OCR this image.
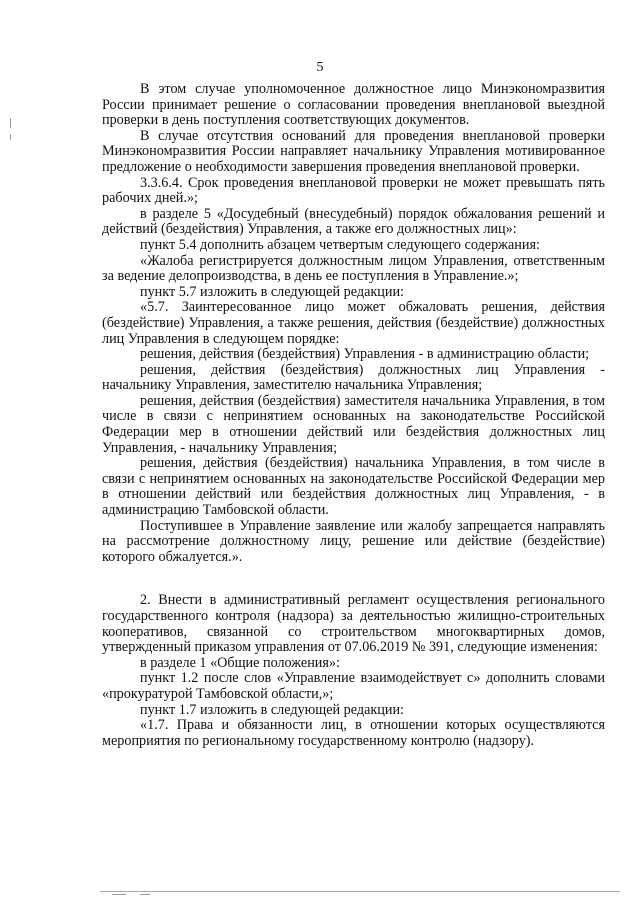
5

В этом случае уполномоченное должностное лицо Минэкономразвития России принимает решение о согласовании проведения внеплановой выездной проверки в день поступления соответствующих документов.

В случае отсутствия оснований для проведения внеплановой проверки Минэкономразвития России направляет начальнику Управления мотивированное предложение о необходимости завершения проведения внеплановой проверки.

3.3.6.4. Срок проведения внеплановой проверки не может превышать пять рабочих дней.»;

в разделе 5 «Досудебный (внесудебный) порядок обжалования решений и действий (бездействия) Управления, а также его должностных лиц»:

пункт 5.4 дополнить абзацем четвертым следующего содержания:

«Жалоба регистрируется должностным лицом Управления, ответственным за ведение делопроизводства, в день ее поступления в Управление.»;

пункт 5.7 изложить в следующей редакции:

«5.7. Заинтересованное лицо может обжаловать решения, действия (бездействие) Управления, а также решения, действия (бездействие) должностных лиц Управления в следующем порядке:

решения, действия (бездействия) Управления - в администрацию области;

решения, действия (бездействия) должностных лиц Управления - начальнику Управления, заместителю начальника Управления;

решения, действия (бездействия) заместителя начальника Управления, в том числе в связи с непринятием основанных на законодательстве Российской Федерации мер в отношении действий или бездействия должностных лиц Управления, - начальнику Управления;

решения, действия (бездействия) начальника Управления, в том числе в связи с непринятием основанных на законодательстве Российской Федерации мер в отношении действий или бездействия должностных лиц Управления, - в администрацию Тамбовской области.

Поступившее в Управление заявление или жалобу запрещается направлять на рассмотрение должностному лицу, решение или действие (бездействие) которого обжалуется.».

2. Внести в административный регламент осуществления регионального государственного контроля (надзора) за деятельностью жилищно-строительных кооперативов, связанной со строительством многоквартирных домов, утвержденный приказом управления от 07.06.2019 № 391, следующие изменения:

в разделе 1 «Общие положения»:

пункт 1.2 после слов «Управление взаимодействует с» дополнить словами «прокуратурой Тамбовской области,»;

пункт 1.7 изложить в следующей редакции:

«1.7. Права и обязанности лиц, в отношении которых осуществляются мероприятия по региональному государственному контролю (надзору).
